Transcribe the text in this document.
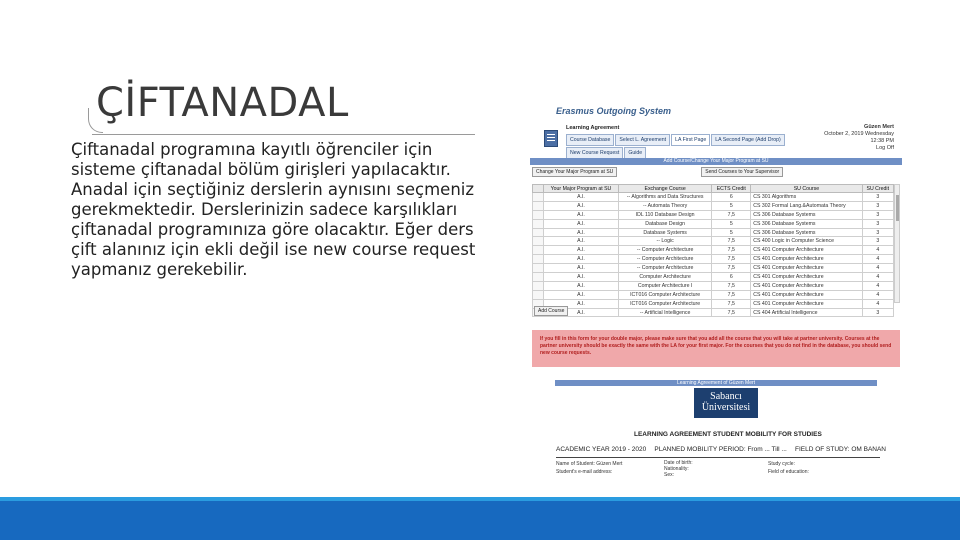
ÇİFTANADAL
Çiftanadal programına kayıtlı öğrenciler için sisteme çiftanadal bölüm girişleri yapılacaktır. Anadal için seçtiğiniz derslerin aynısını seçmeniz gerekmektedir. Derslerinizin sadece karşılıkları çiftanadal programınıza göre olacaktır. Eğer ders çift alanınız için ekli değil ise new course request yapmanız gerekebilir.
Erasmus Outgoing System
Learning Agreement
Course Database	Select L. Agreement	LA First Page	LA Second Page (Add Drop)
New Course Request	Guide
Güzen Mert
October 2, 2019 Wednesday
12:38 PM
Log Off
Add Course/Change Your Major Program at SU
Change Your Major Program at SU	Send Courses to Your Supervisor
	Your Major Program at SU	Exchange Course	ECTS Credit	SU Course	SU Credit
	A.I.	-- Algorithms and Data Structures	6	CS 301 Algorithms	3
	A.I.	-- Automata Theory	5	CS 302 Formal Lang.&Automata Theory	3
	A.I.	IDL 110 Database Design	7,5	CS 306 Database Systems	3
	A.I.	Database Design	5	CS 306 Database Systems	3
	A.I.	Database Systems	5	CS 306 Database Systems	3
	A.I.	-- Logic	7,5	CS 400 Logic in Computer Science	3
	A.I.	-- Computer Architecture	7,5	CS 401 Computer Architecture	4
	A.I.	-- Computer Architecture	7,5	CS 401 Computer Architecture	4
	A.I.	-- Computer Architecture	7,5	CS 401 Computer Architecture	4
	A.I.	Computer Architecture	6	CS 401 Computer Architecture	4
	A.I.	Computer Architecture I	7,5	CS 401 Computer Architecture	4
	A.I.	ICT016 Computer Architecture	7,5	CS 401 Computer Architecture	4
	A.I.	ICT016 Computer Architecture	7,5	CS 401 Computer Architecture	4
	A.I.	-- Artificial Intelligence	7,5	CS 404 Artificial Intelligence	3
Add Course
If you fill in this form for your double major, please make sure that you add all the course that you will take at partner university. Courses at the partner university should be exactly the same with the LA for your first major. For the courses that you do not find in the database, you should send new course requests.
Learning Agreement of Güzen Mert
Sabancı
Üniversitesi
LEARNING AGREEMENT STUDENT MOBILITY FOR STUDIES
ACADEMIC YEAR 2019 - 2020 PLANNED MOBILITY PERIOD: From ... Till ... FIELD OF STUDY: OM BANAN
Name of Student: Güzen Mert
Student's e-mail address:
Date of birth:
Nationality:
Sex:
Study cycle:
Field of education:
